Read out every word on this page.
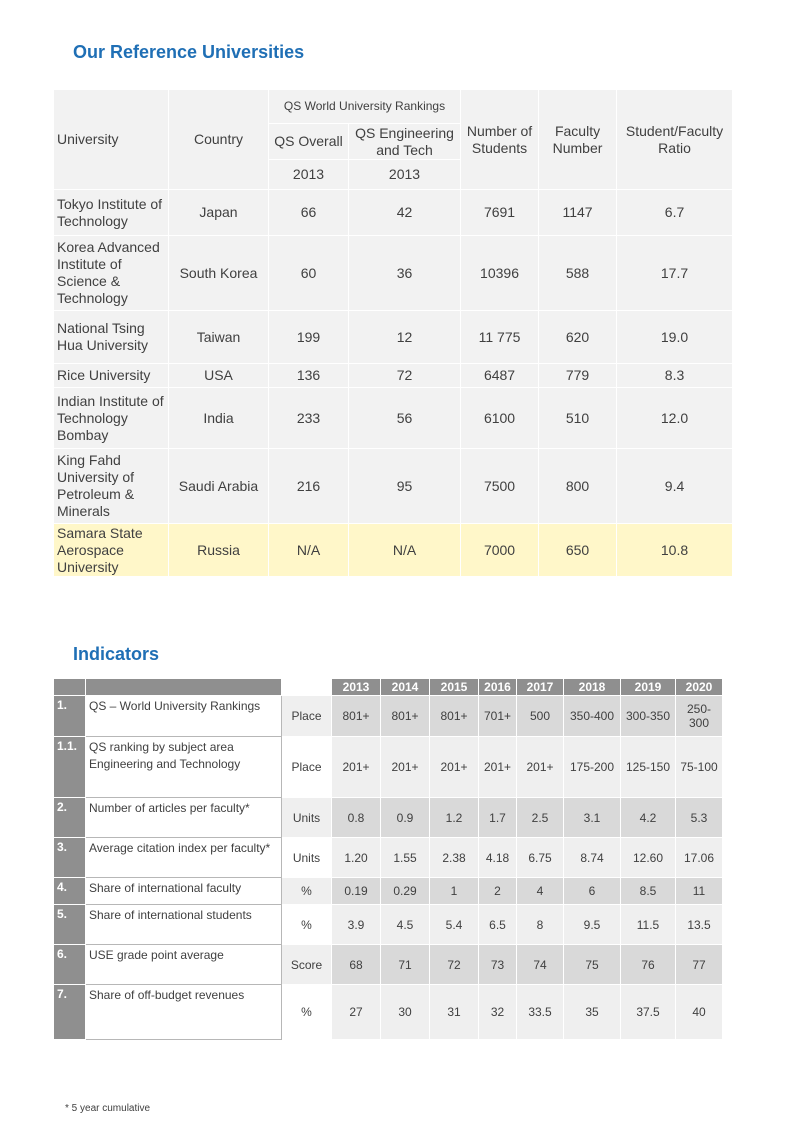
Our Reference Universities
University	Country	QS World University Rankings		Number of Students	Faculty Number	Student/Faculty Ratio
		QS Overall	QS Engineering and Tech			
		2013	2013			
Tokyo Institute of Technology	Japan	66	42	7691	1147	6.7
Korea Advanced Institute of Science & Technology	South Korea	60	36	10396	588	17.7
National Tsing Hua University	Taiwan	199	12	11 775	620	19.0
Rice University	USA	136	72	6487	779	8.3
Indian Institute of Technology Bombay	India	233	56	6100	510	12.0
King Fahd University of Petroleum & Minerals	Saudi Arabia	216	95	7500	800	9.4
Samara State Aerospace University	Russia	N/A	N/A	7000	650	10.8
Indicators
			2013	2014	2015	2016	2017	2018	2019	2020
1.	QS – World University Rankings	Place	801+	801+	801+	701+	500	350-400	300-350	250-300
1.1.	QS ranking by subject area Engineering and Technology	Place	201+	201+	201+	201+	201+	175-200	125-150	75-100
2.	Number of articles per faculty*	Units	0.8	0.9	1.2	1.7	2.5	3.1	4.2	5.3
3.	Average citation index per faculty*	Units	1.20	1.55	2.38	4.18	6.75	8.74	12.60	17.06
4.	Share of international faculty	%	0.19	0.29	1	2	4	6	8.5	11
5.	Share of international students	%	3.9	4.5	5.4	6.5	8	9.5	11.5	13.5
6.	USE grade point average	Score	68	71	72	73	74	75	76	77
7.	Share of off-budget revenues	%	27	30	31	32	33.5	35	37.5	40
* 5 year cumulative
